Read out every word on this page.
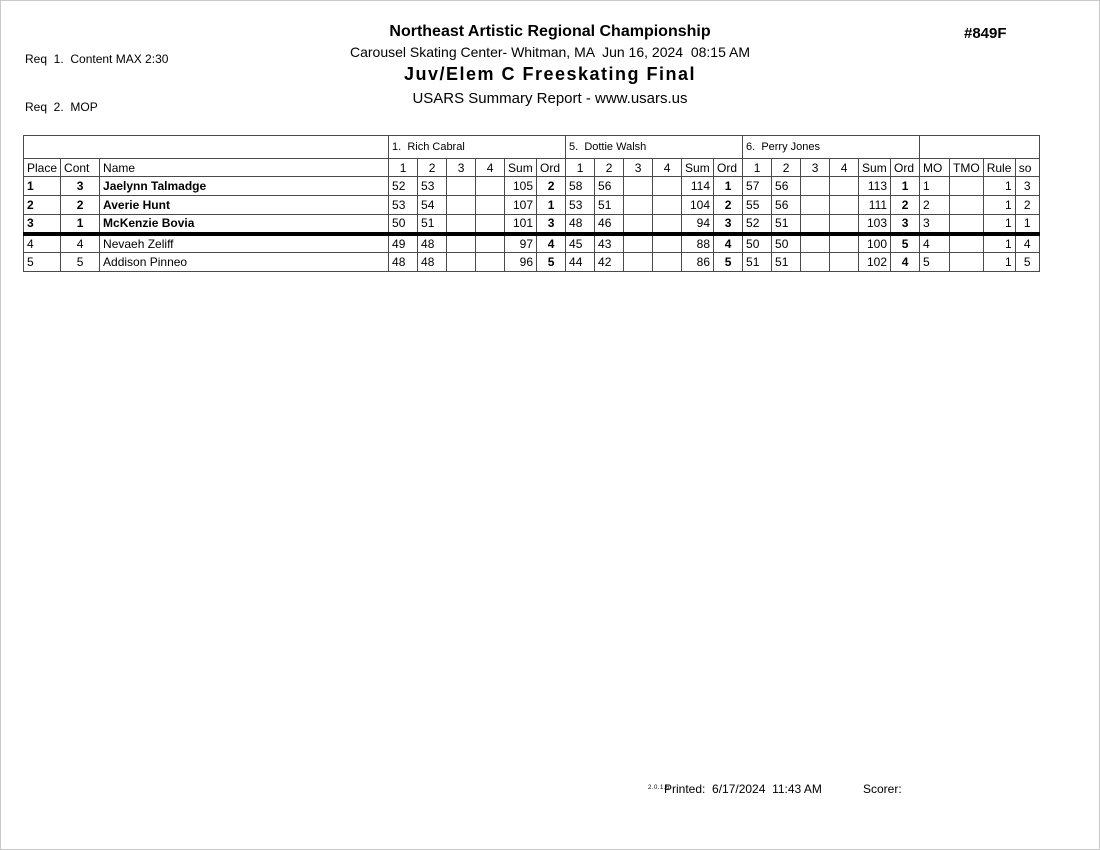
Req  1.  Content MAX 2:30

Req  2.  MOP

#849F
Northeast Artistic Regional Championship
Carousel Skating Center- Whitman, MA  Jun 16, 2024  08:15 AM
Juv/Elem C Freeskating Final
USARS Summary Report - www.usars.us
			1.  Rich Cabral						5.  Dottie Walsh						6.  Perry Jones									
Place	Cont	Name	1	2	3	4	Sum	Ord	1	2	3	4	Sum	Ord	1	2	3	4	Sum	Ord	MO	TMO	Rule	so
1	3	Jaelynn Talmadge	52	53			105	2	58	56			114	1	57	56			113	1	1		1	3
2	2	Averie Hunt	53	54			107	1	53	51			104	2	55	56			111	2	2		1	2
3	1	McKenzie Bovia	50	51			101	3	48	46			94	3	52	51			103	3	3		1	1
4	4	Nevaeh Zeliff	49	48			97	4	45	43			88	4	50	50			100	5	4		1	4
5	5	Addison Pinneo	48	48			96	5	44	42			86	5	51	51			102	4	5		1	5
2.0.1.6
Printed:  6/17/2024  11:43 AM	Scorer:
